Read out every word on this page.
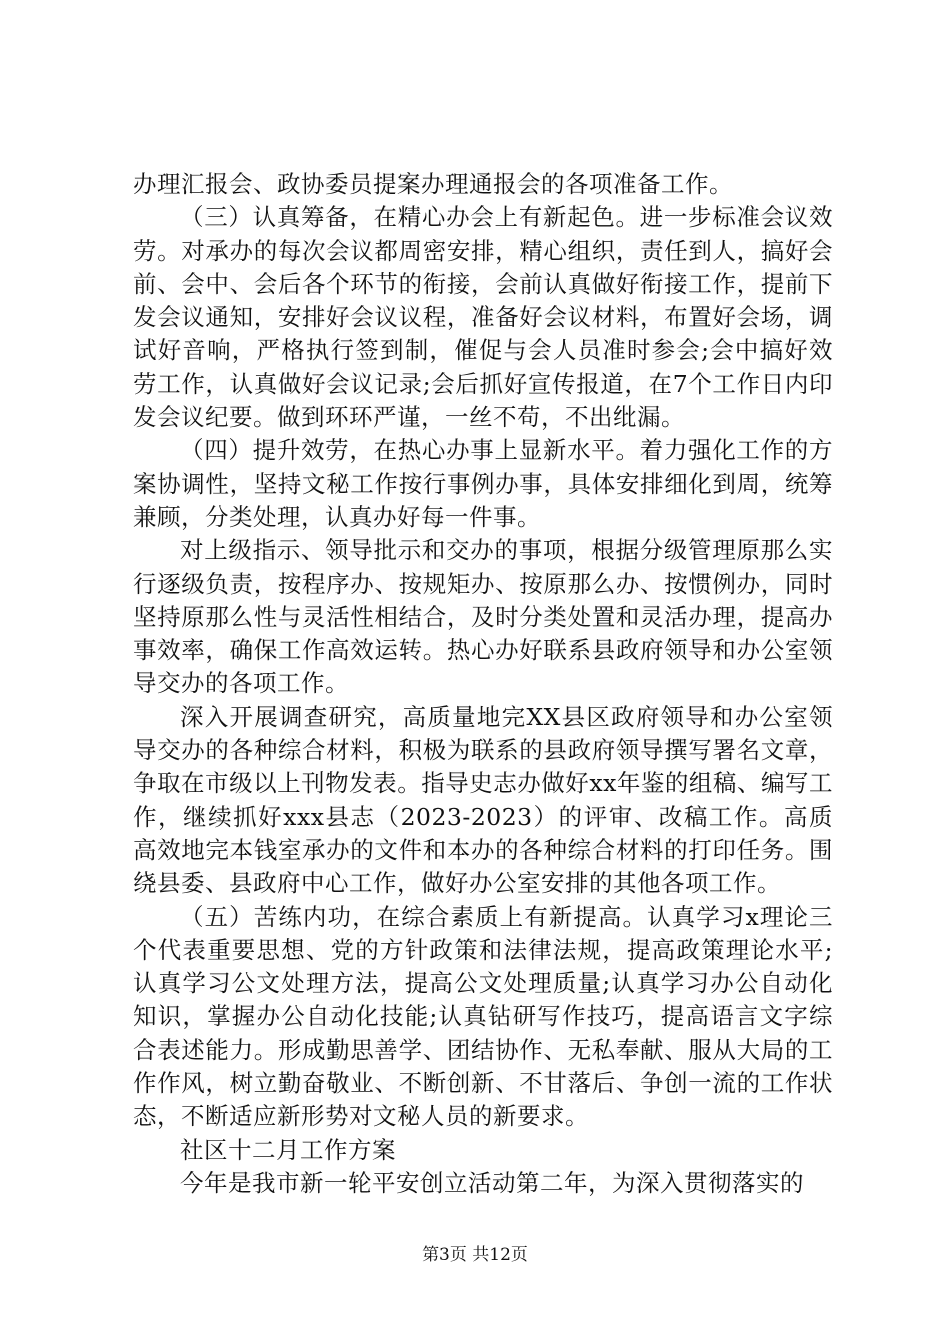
办理汇报会、政协委员提案办理通报会的各项准备工作。

（三）认真筹备，在精心办会上有新起色。进一步标准会议效劳。对承办的每次会议都周密安排，精心组织，责任到人，搞好会前、会中、会后各个环节的衔接，会前认真做好衔接工作，提前下发会议通知，安排好会议议程，准备好会议材料，布置好会场，调试好音响，严格执行签到制，催促与会人员准时参会;会中搞好效劳工作，认真做好会议记录;会后抓好宣传报道，在7个工作日内印发会议纪要。做到环环严谨，一丝不苟，不出纰漏。

（四）提升效劳，在热心办事上显新水平。着力强化工作的方案协调性，坚持文秘工作按行事例办事，具体安排细化到周，统筹兼顾，分类处理，认真办好每一件事。

对上级指示、领导批示和交办的事项，根据分级管理原那么实行逐级负责，按程序办、按规矩办、按原那么办、按惯例办，同时坚持原那么性与灵活性相结合，及时分类处置和灵活办理，提高办事效率，确保工作高效运转。热心办好联系县政府领导和办公室领导交办的各项工作。

深入开展调查研究，高质量地完XX县区政府领导和办公室领导交办的各种综合材料，积极为联系的县政府领导撰写署名文章，争取在市级以上刊物发表。指导史志办做好xx年鉴的组稿、编写工作，继续抓好xxx县志（2023-2023）的评审、改稿工作。高质高效地完本钱室承办的文件和本办的各种综合材料的打印任务。围绕县委、县政府中心工作，做好办公室安排的其他各项工作。

（五）苦练内功，在综合素质上有新提高。认真学习x理论三个代表重要思想、党的方针政策和法律法规，提高政策理论水平;认真学习公文处理方法，提高公文处理质量;认真学习办公自动化知识，掌握办公自动化技能;认真钻研写作技巧，提高语言文字综合表述能力。形成勤思善学、团结协作、无私奉献、服从大局的工作作风，树立勤奋敬业、不断创新、不甘落后、争创一流的工作状态，不断适应新形势对文秘人员的新要求。

社区十二月工作方案

今年是我市新一轮平安创立活动第二年，为深入贯彻落实的

第3页 共12页
